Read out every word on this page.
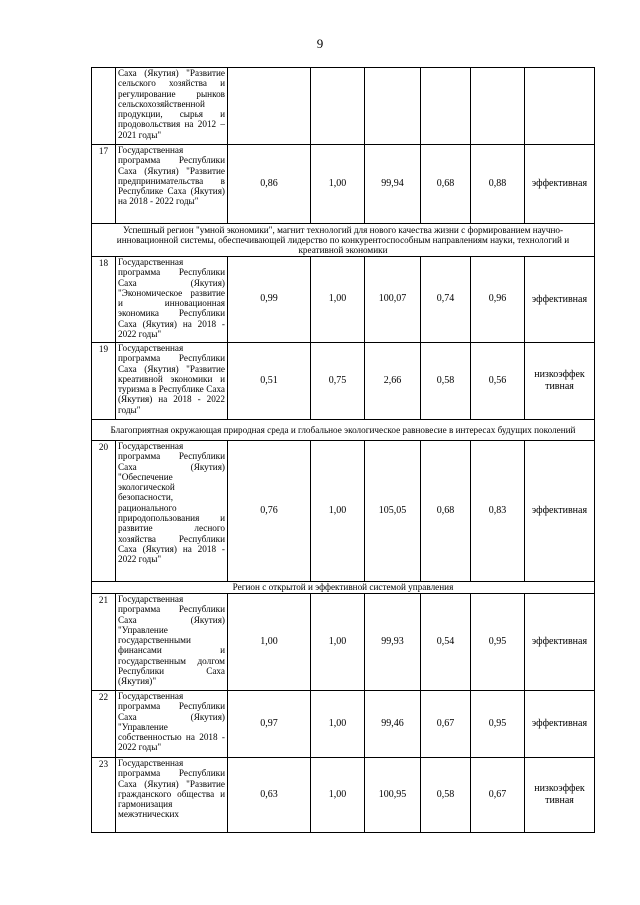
9
	Саха (Якутия) "Развитие сельского хозяйства и регулирование рынков сельскохозяйственной продукции, сырья и продовольствия на 2012 – 2021 годы"						
17	Государственная программа Республики Саха (Якутия) "Развитие предпринимательства в Республике Саха (Якутия) на 2018 - 2022 годы"	0,86	1,00	99,94	0,68	0,88	эффективная
Успешный регион "умной экономики", магнит технологий для нового качества жизни с формированием научно-инновационной системы, обеспечивающей лидерство по конкурентоспособным направлениям науки, технологий и креативной экономики							
18	Государственная программа Республики Саха (Якутия) "Экономическое развитие и инновационная экономика Республики Саха (Якутия) на 2018 - 2022 годы"	0,99	1,00	100,07	0,74	0,96	эффективная
19	Государственная программа Республики Саха (Якутия) "Развитие креативной экономики и туризма в Республике Саха (Якутия) на 2018 - 2022 годы"	0,51	0,75	2,66	0,58	0,56	низкоэффек тивная
Благоприятная окружающая природная среда и глобальное экологическое равновесие в интересах будущих поколений							
20	Государственная программа Республики Саха (Якутия) "Обеспечение экологической безопасности, рационального природопользования и развитие лесного хозяйства Республики Саха (Якутия) на 2018 - 2022 годы"	0,76	1,00	105,05	0,68	0,83	эффективная
Регион с открытой и эффективной системой управления							
21	Государственная программа Республики Саха (Якутия) "Управление государственными финансами и государственным долгом Республики Саха (Якутия)"	1,00	1,00	99,93	0,54	0,95	эффективная
22	Государственная программа Республики Саха (Якутия) "Управление собственностью на 2018 - 2022 годы"	0,97	1,00	99,46	0,67	0,95	эффективная
23	Государственная программа Республики Саха (Якутия) "Развитие гражданского общества и гармонизация межэтнических	0,63	1,00	100,95	0,58	0,67	низкоэффек тивная
